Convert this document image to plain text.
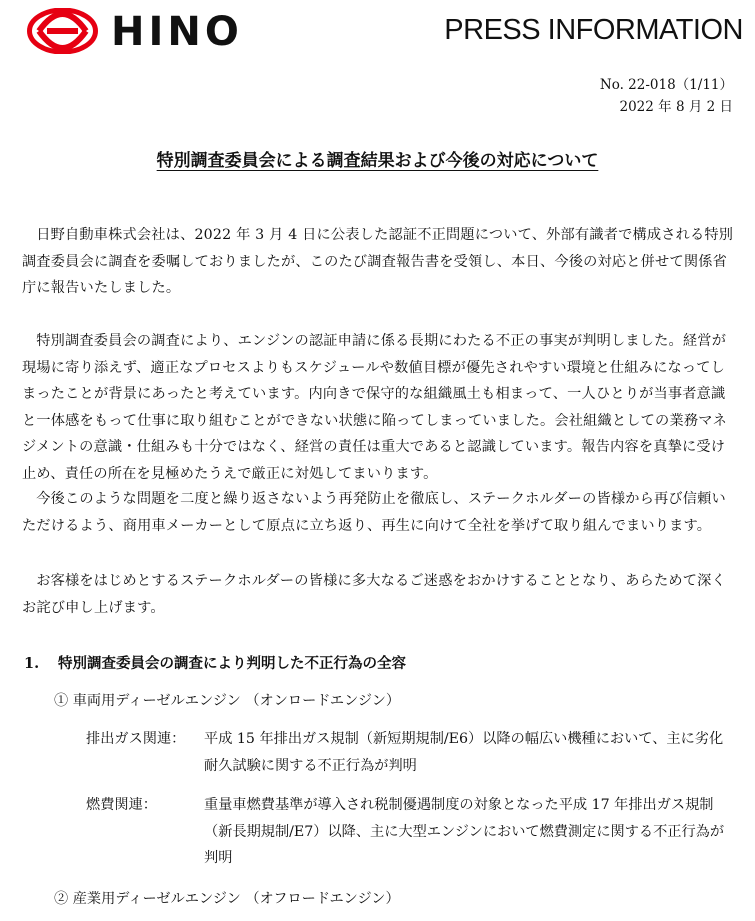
HINO	PRESS INFORMATION
No. 22-018（1/11）
2022 年 8 月 2 日
特別調査委員会による調査結果および今後の対応について

日野自動車株式会社は、2022 年 3 月 4 日に公表した認証不正問題について、外部有識者で構成される特別調査委員会に調査を委嘱しておりましたが、このたび調査報告書を受領し、本日、今後の対応と併せて関係省庁に報告いたしました。

特別調査委員会の調査により、エンジンの認証申請に係る長期にわたる不正の事実が判明しました。経営が現場に寄り添えず、適正なプロセスよりもスケジュールや数値目標が優先されやすい環境と仕組みになってしまったことが背景にあったと考えています。内向きで保守的な組織風土も相まって、一人ひとりが当事者意識と一体感をもって仕事に取り組むことができない状態に陥ってしまっていました。会社組織としての業務マネジメントの意識・仕組みも十分ではなく、経営の責任は重大であると認識しています。報告内容を真摯に受け止め、責任の所在を見極めたうえで厳正に対処してまいります。

今後このような問題を二度と繰り返さないよう再発防止を徹底し、ステークホルダーの皆様から再び信頼いただけるよう、商用車メーカーとして原点に立ち返り、再生に向けて全社を挙げて取り組んでまいります。

お客様をはじめとするステークホルダーの皆様に多大なるご迷惑をおかけすることとなり、あらためて深くお詫び申し上げます。

1. 特別調査委員会の調査により判明した不正行為の全容
① 車両用ディーゼルエンジン （オンロードエンジン）
排出ガス関連：	平成 15 年排出ガス規制（新短期規制/E6）以降の幅広い機種において、主に劣化耐久試験に関する不正行為が判明

燃費関連：	重量車燃費基準が導入され税制優遇制度の対象となった平成 17 年排出ガス規制（新長期規制/E7）以降、主に大型エンジンにおいて燃費測定に関する不正行為が判明

② 産業用ディーゼルエンジン （オフロードエンジン）
